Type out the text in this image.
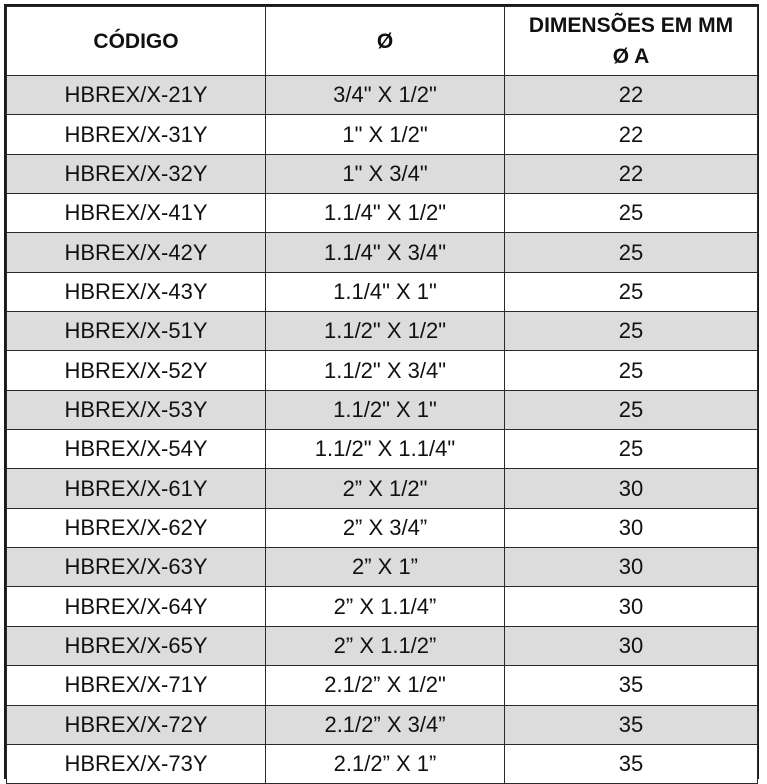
CÓDIGO	Ø	DIMENSÕES EM MM
Ø A

HBREX/X-21Y	3/4" X 1/2"	22
HBREX/X-31Y	1" X 1/2"	22
HBREX/X-32Y	1" X 3/4"	22
HBREX/X-41Y	1.1/4" X 1/2"	25
HBREX/X-42Y	1.1/4" X 3/4"	25
HBREX/X-43Y	1.1/4" X 1"	25
HBREX/X-51Y	1.1/2" X 1/2"	25
HBREX/X-52Y	1.1/2" X 3/4"	25
HBREX/X-53Y	1.1/2" X 1"	25
HBREX/X-54Y	1.1/2" X 1.1/4"	25
HBREX/X-61Y	2” X 1/2"	30
HBREX/X-62Y	2” X 3/4”	30
HBREX/X-63Y	2” X 1”	30
HBREX/X-64Y	2” X 1.1/4”	30
HBREX/X-65Y	2” X 1.1/2”	30
HBREX/X-71Y	2.1/2” X 1/2"	35
HBREX/X-72Y	2.1/2” X 3/4”	35
HBREX/X-73Y	2.1/2” X 1”	35
